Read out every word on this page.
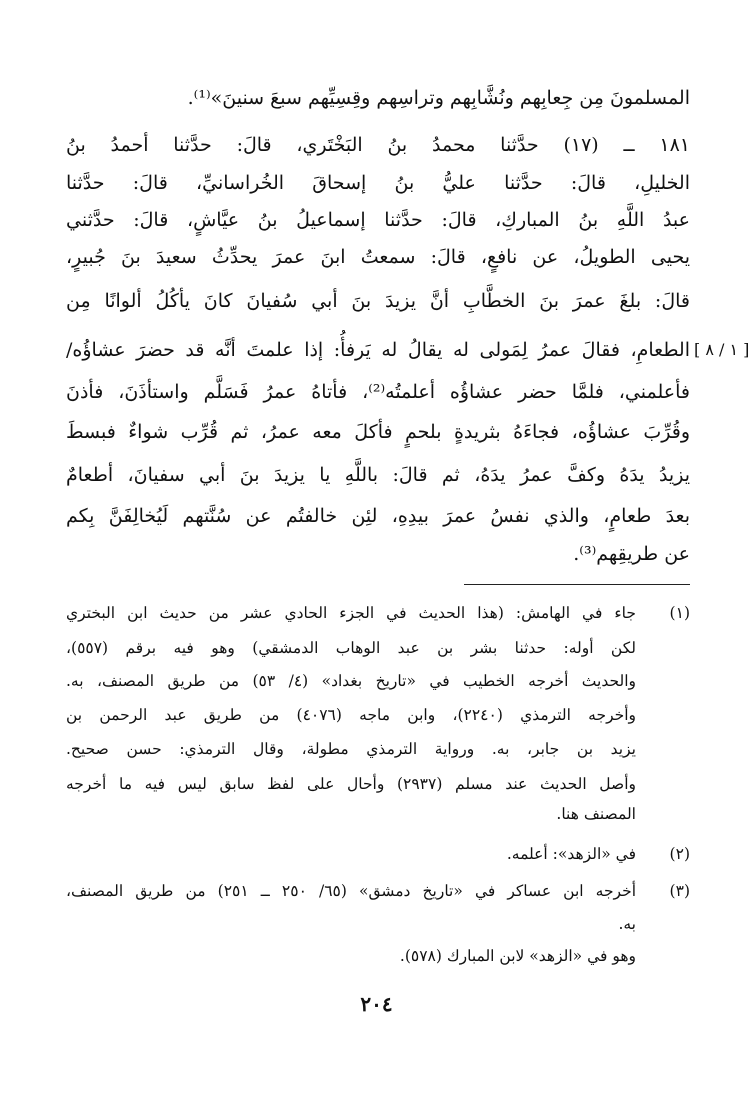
المسلمونَ مِن جِعابِهم ونُشَّابِهم وتراسِهم وقِسِيِّهم سبعَ سنينَ»⁽¹⁾.
١٨١ ــ (١٧) حدَّثنا محمدُ بنُ البَخْتَري، قالَ: حدَّثنا أحمدُ بنُ
الخليلِ، قالَ: حدَّثنا عليُّ بنُ إسحاقَ الخُراسانيِّ، قالَ: حدَّثنا
عبدُ اللَّهِ بنُ المباركِ، قالَ: حدَّثنا إسماعيلُ بنُ عيَّاشٍ، قالَ: حدَّثني
يحيى الطويلُ، عن نافعٍ، قالَ: سمعتُ ابنَ عمرَ يحدِّثُ سعيدَ بنَ جُبيرٍ،
قالَ: بلغَ عمرَ بنَ الخطَّابِ أنَّ يزيدَ بنَ أبي سُفيانَ كانَ يأكُلُ ألوانًا مِن
الطعامِ، فقالَ عمرُ لِمَولى له يقالُ له يَرفأُ: إذا علمتَ أنَّه قد حضرَ عشاؤُه/
فأعلمني، فلمَّا حضر عشاؤُه أعلمتُه⁽²⁾، فأتاهُ عمرُ فَسَلَّم واستأذَنَ، فأذنَ
وقُرِّبَ عشاؤُه، فجاءَهُ بثريدةٍ بلحمٍ فأكلَ معه عمرُ، ثم قُرِّب شواءٌ فبسطَ
يزيدُ يدَهُ وكفَّ عمرُ يدَهُ، ثم قالَ: باللَّهِ يا يزيدَ بنَ أبي سفيانَ، أطعامٌ
بعدَ طعامٍ، والذي نفسُ عمرَ بيدِهِ، لئِن خالفتُم عن سُنَّتهم لَيُخالِفَنَّ بِكم
عن طريقِهم⁽³⁾.
[ ١ / ٨ ]
(١)
جاء في الهامش: (هذا الحديث في الجزء الحادي عشر من حديث ابن البختري
لكن أوله: حدثنا بشر بن عبد الوهاب الدمشقي) وهو فيه برقم (٥٥٧)،
والحديث أخرجه الخطيب في «تاريخ بغداد» (٤/ ٥٣) من طريق المصنف، به.
وأخرجه الترمذي (٢٢٤٠)، وابن ماجه (٤٠٧٦) من طريق عبد الرحمن بن
يزيد بن جابر، به. ورواية الترمذي مطولة، وقال الترمذي: حسن صحيح.
وأصل الحديث عند مسلم (٢٩٣٧) وأحال على لفظ سابق ليس فيه ما أخرجه
المصنف هنا.
(٢)
في «الزهد»: أعلمه.
(٣)
أخرجه ابن عساكر في «تاريخ دمشق» (٦٥/ ٢٥٠ ــ ٢٥١) من طريق المصنف،
به.
وهو في «الزهد» لابن المبارك (٥٧٨).
٢٠٤
